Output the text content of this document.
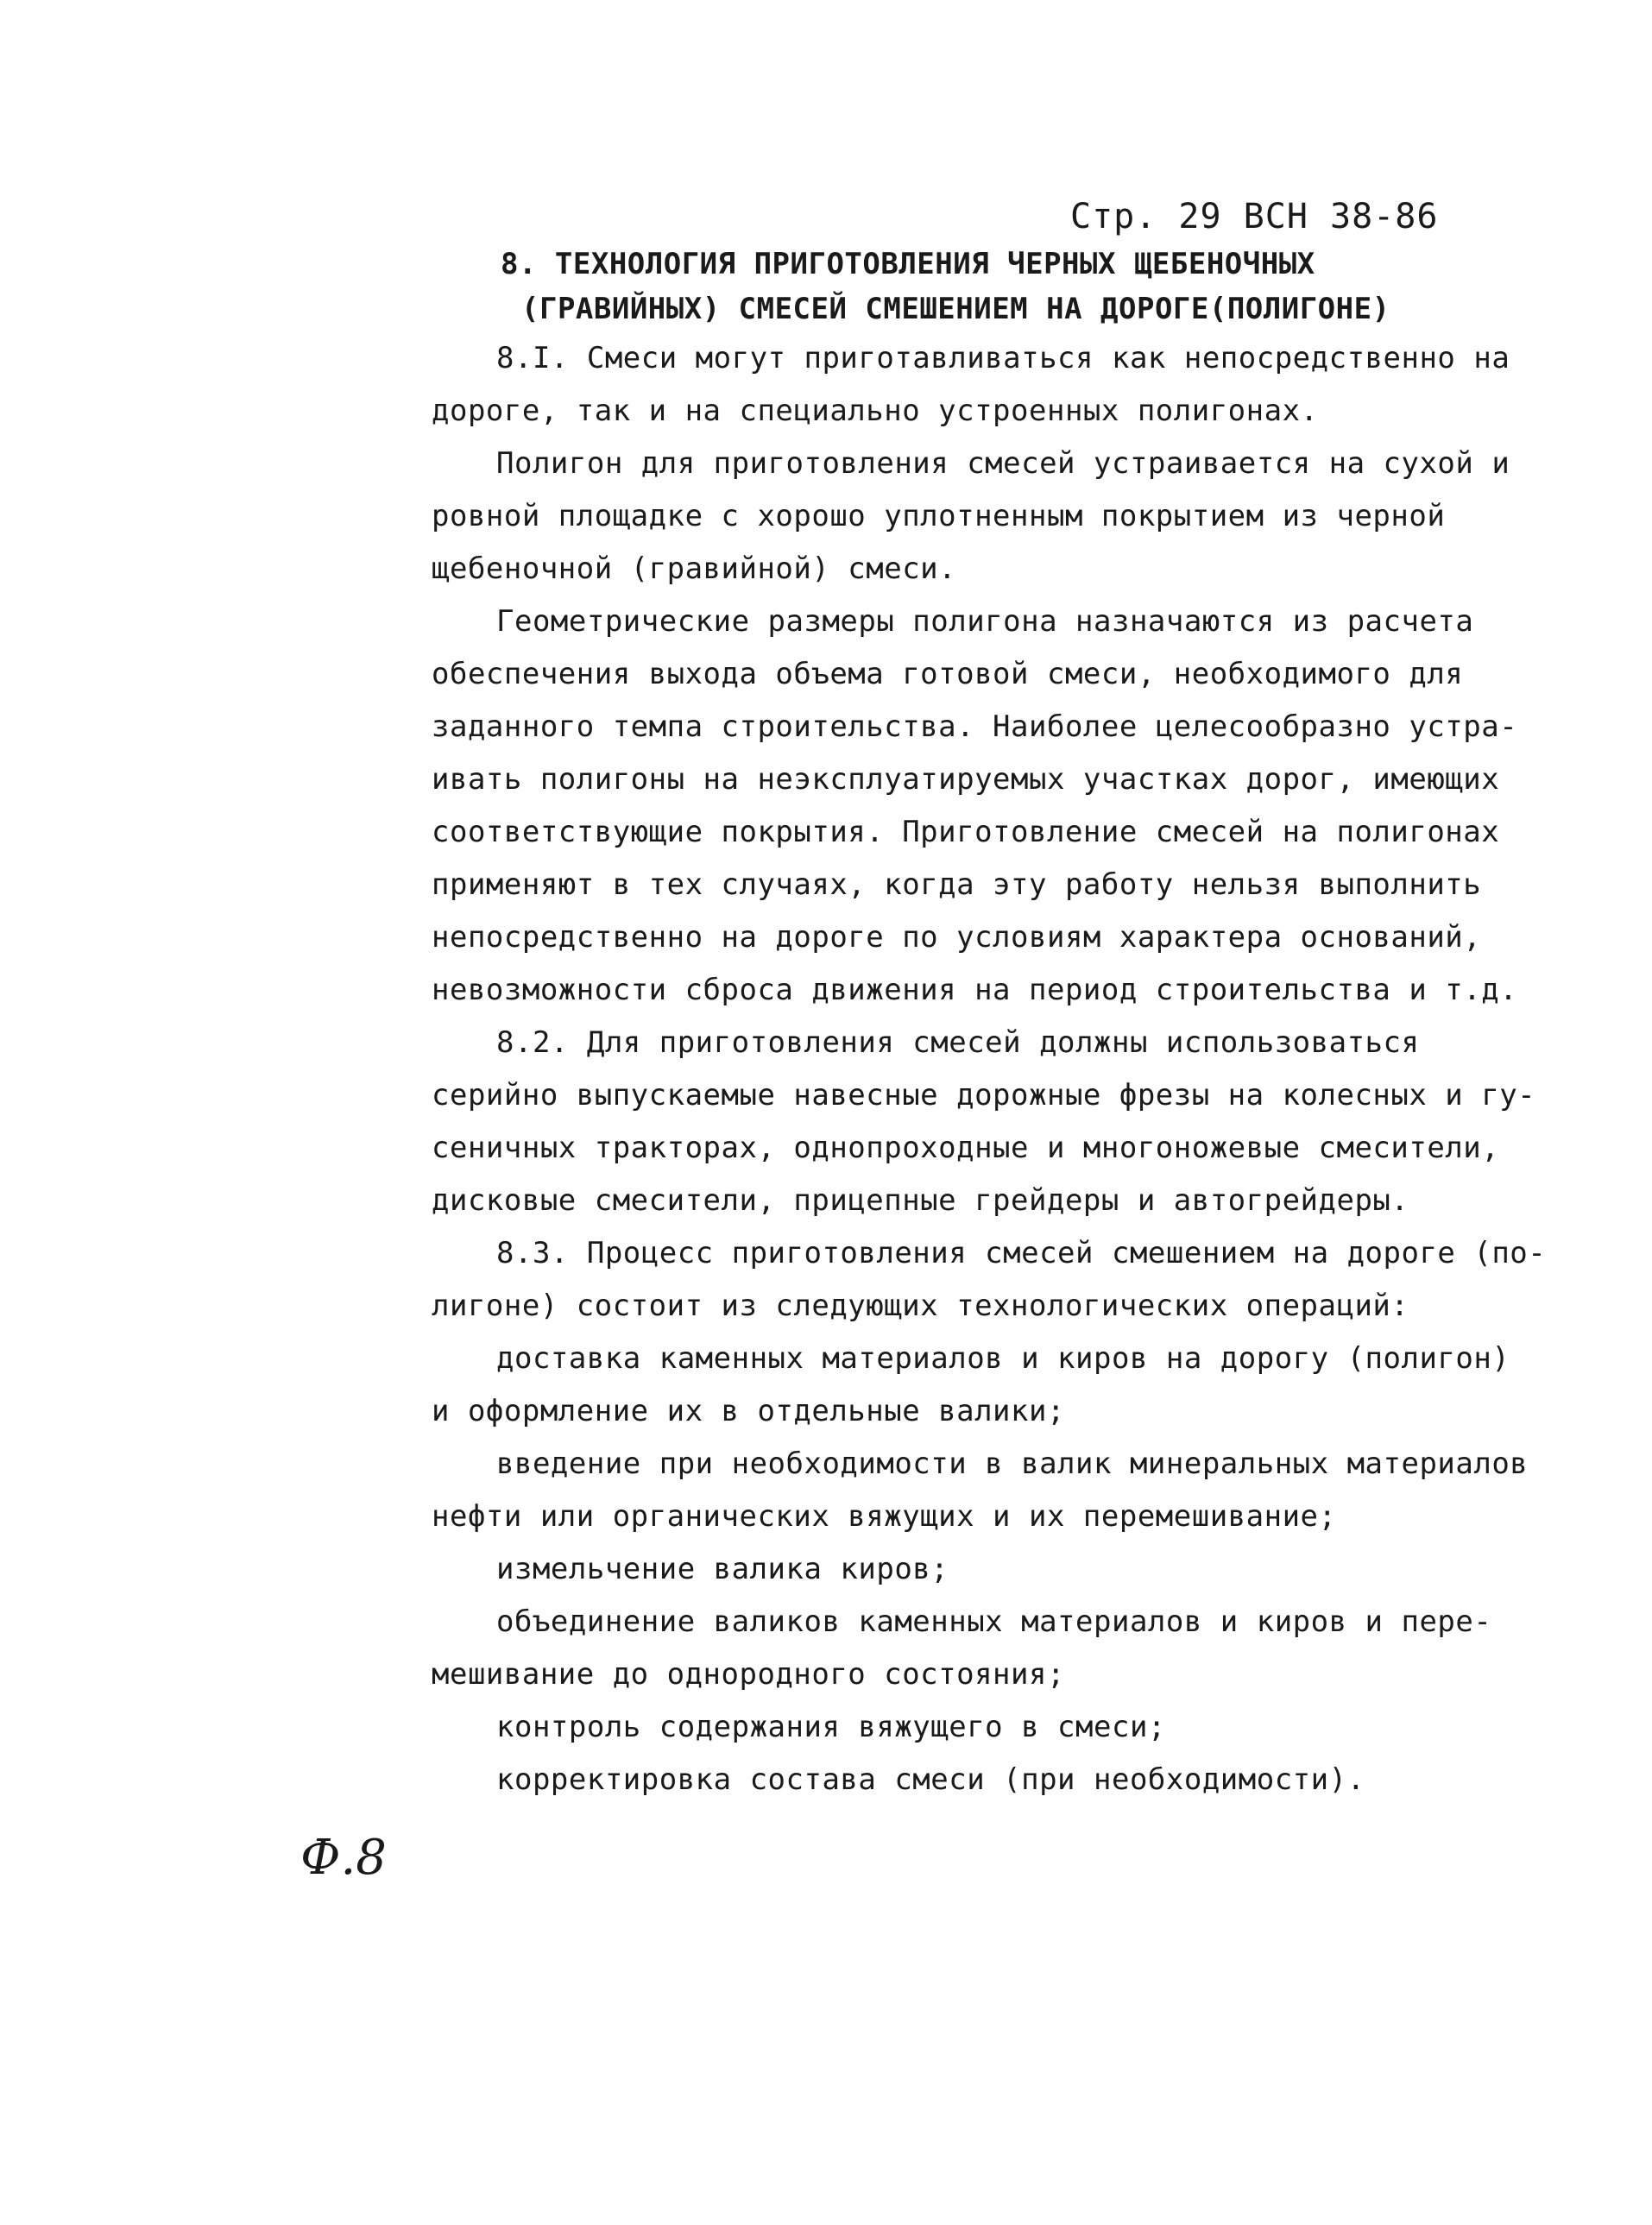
Стр. 29 ВСН 38-86
8. ТЕХНОЛОГИЯ ПРИГОТОВЛЕНИЯ ЧЕРНЫХ ЩЕБЕНОЧНЫХ
(ГРАВИЙНЫХ) СМЕСЕЙ СМЕШЕНИЕМ НА ДОРОГЕ(ПОЛИГОНЕ)
8.I. Смеси могут приготавливаться как непосредственно на
дороге, так и на специально устроенных полигонах.
Полигон для приготовления смесей устраивается на сухой и
ровной площадке с хорошо уплотненным покрытием из черной
щебеночной (гравийной) смеси.
Геометрические размеры полигона назначаются из расчета
обеспечения выхода объема готовой смеси, необходимого для
заданного темпа строительства. Наиболее целесообразно устра-
ивать полигоны на неэксплуатируемых участках дорог, имеющих
соответствующие покрытия. Приготовление смесей на полигонах
применяют в тех случаях, когда эту работу нельзя выполнить
непосредственно на дороге по условиям характера оснований,
невозможности сброса движения на период строительства и т.д.
8.2. Для приготовления смесей должны использоваться
серийно выпускаемые навесные дорожные фрезы на колесных и гу-
сеничных тракторах, однопроходные и многоножевые смесители,
дисковые смесители, прицепные грейдеры и автогрейдеры.
8.3. Процесс приготовления смесей смешением на дороге (по-
лигоне) состоит из следующих технологических операций:
доставка каменных материалов и киров на дорогу (полигон)
и оформление их в отдельные валики;
введение при необходимости в валик минеральных материалов
нефти или органических вяжущих и их перемешивание;
измельчение валика киров;
объединение валиков каменных материалов и киров и пере-
мешивание до однородного состояния;
контроль содержания вяжущего в смеси;
корректировка состава смеси (при необходимости).
Ф.8
